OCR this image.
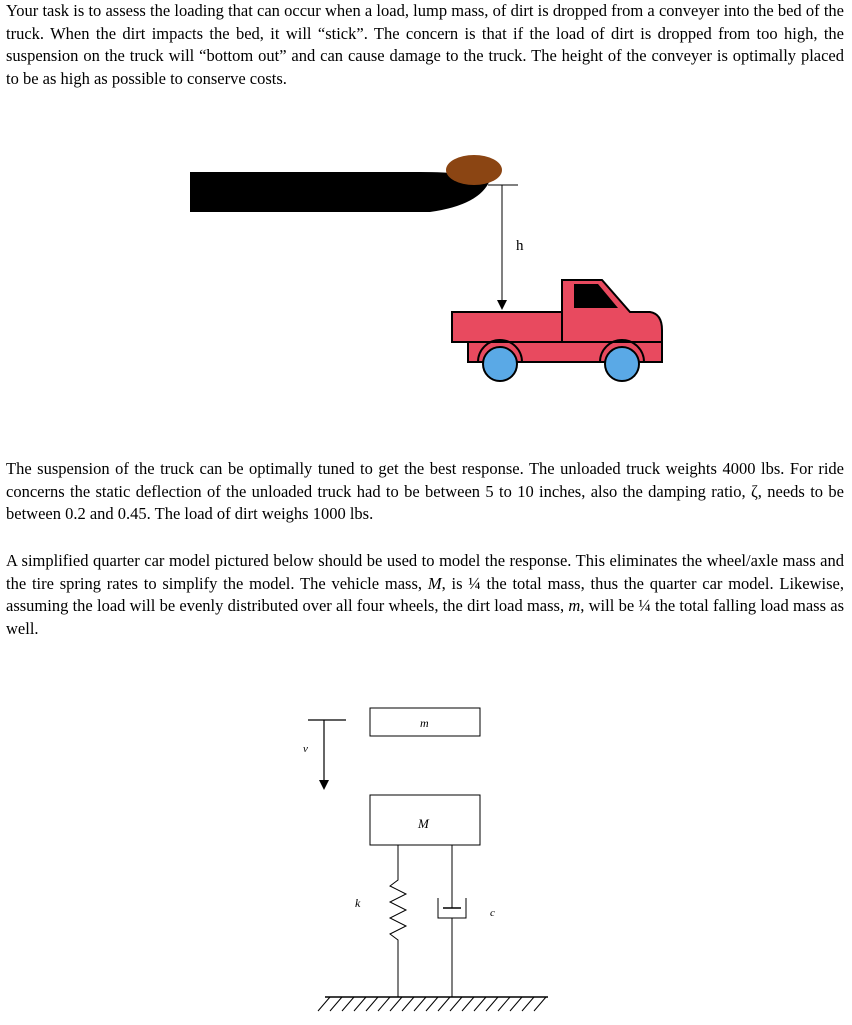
Your task is to assess the loading that can occur when a load, lump mass, of dirt is dropped from a conveyer into the bed of the truck. When the dirt impacts the bed, it will “stick”. The concern is that if the load of dirt is dropped from too high, the suspension on the truck will “bottom out” and can cause damage to the truck. The height of the conveyer is optimally placed to be as high as possible to conserve costs.

h

The suspension of the truck can be optimally tuned to get the best response. The unloaded truck weights 4000 lbs. For ride concerns the static deflection of the unloaded truck had to be between 5 to 10 inches, also the damping ratio, ζ, needs to be between 0.2 and 0.45. The load of dirt weighs 1000 lbs.

A simplified quarter car model pictured below should be used to model the response. This eliminates the wheel/axle mass and the tire spring rates to simplify the model. The vehicle mass, M, is ¼ the total mass, thus the quarter car model. Likewise, assuming the load will be evenly distributed over all four wheels, the dirt load mass, m, will be ¼ the total falling load mass as well.

v
m
M
k
c
